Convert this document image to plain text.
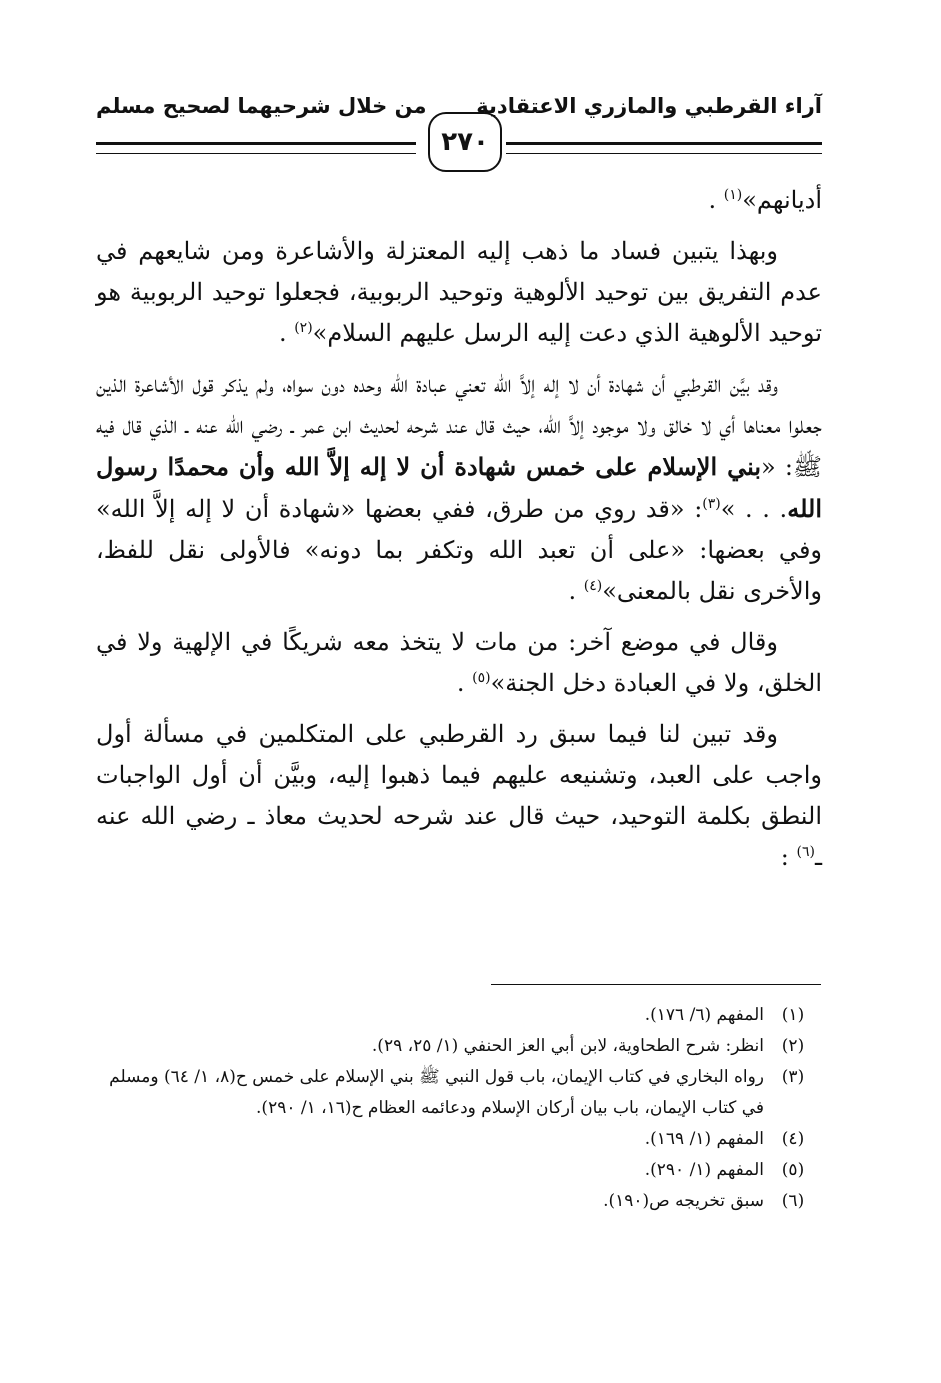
آراء القرطبي والمازري الاعتقادية
من خلال شرحيهما لصحيح مسلم
٢٧٠

أديانهم»$^{(١)}$ .

وبهذا يتبين فساد ما ذهب إليه المعتزلة والأشاعرة ومن شايعهم في عدم التفريق بين توحيد الألوهية وتوحيد الربوبية، فجعلوا توحيد الربوبية هو توحيد الألوهية الذي دعت إليه الرسل عليهم السلام»$^{(٢)}$ .

وقد بيَّن القرطبي أن شهادة أن لا إله إلاَّ الله تعني عبادة الله وحده دون سواه، ولم يذكر قول الأشاعرة الذين جعلوا معناها أي لا خالق ولا موجود إلاَّ الله، حيث قال عند شرحه لحديث ابن عمر ـ رضي الله عنه ـ الذي قال فيه ﷺ: «بني الإسلام على خمس شهادة أن لا إله إلاَّ الله وأن محمدًا رسول الله. . . »$^{(٣)}$: «قد روي من طرق، ففي بعضها «شهادة أن لا إله إلاَّ الله» وفي بعضها: «على أن تعبد الله وتكفر بما دونه» فالأولى نقل للفظ، والأخرى نقل بالمعنى»$^{(٤)}$ .

وقال في موضع آخر: من مات لا يتخذ معه شريكًا في الإلهية ولا في الخلق، ولا في العبادة دخل الجنة»$^{(٥)}$ .

وقد تبين لنا فيما سبق رد القرطبي على المتكلمين في مسألة أول واجب على العبد، وتشنيعه عليهم فيما ذهبوا إليه، وبيَّن أن أول الواجبات النطق بكلمة التوحيد، حيث قال عند شرحه لحديث معاذ ـ رضي الله عنه ـ$^{(٦)}$ :

(١)
المفهم (٦/ ١٧٦).
(٢)
انظر: شرح الطحاوية، لابن أبي العز الحنفي (١/ ٢٥، ٢٩).
(٣)
رواه البخاري في كتاب الإيمان، باب قول النبي ﷺ بني الإسلام على خمس ح(٨، ١/ ٦٤) ومسلم في كتاب الإيمان، باب بيان أركان الإسلام ودعائمه العظام ح(١٦، ١/ ٢٩٠).
(٤)
المفهم (١/ ١٦٩).
(٥)
المفهم (١/ ٢٩٠).
(٦)
سبق تخريجه ص(١٩٠).
